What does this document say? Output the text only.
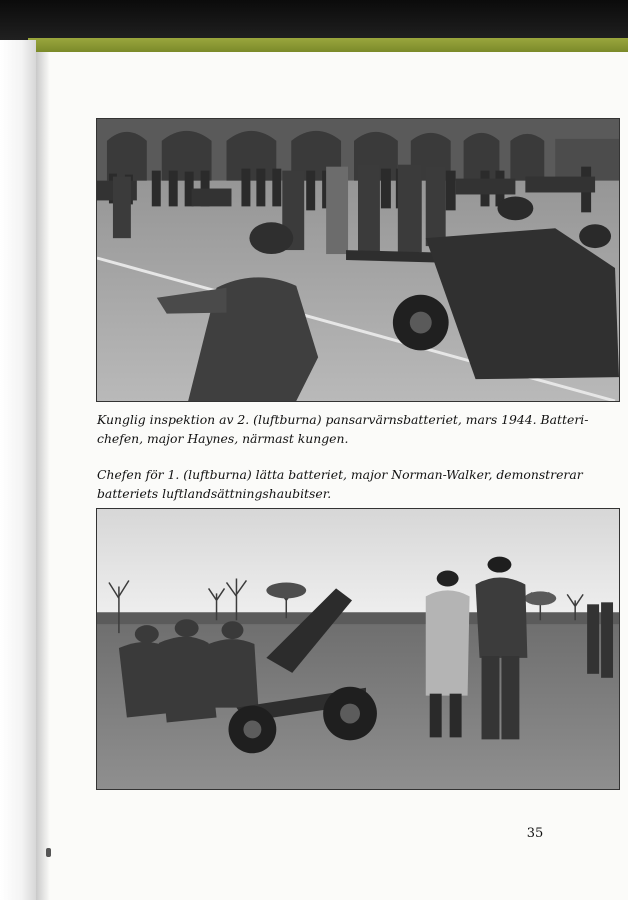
Kunglig inspektion av 2. (luftburna) pansarvärnsbatteriet, mars 1944. Batteri-
chefen, major Haynes, närmast kungen.
Chefen för 1. (luftburna) lätta batteriet, major Norman-Walker, demonstrerar
batteriets luftlandsättningshaubitser.
35
